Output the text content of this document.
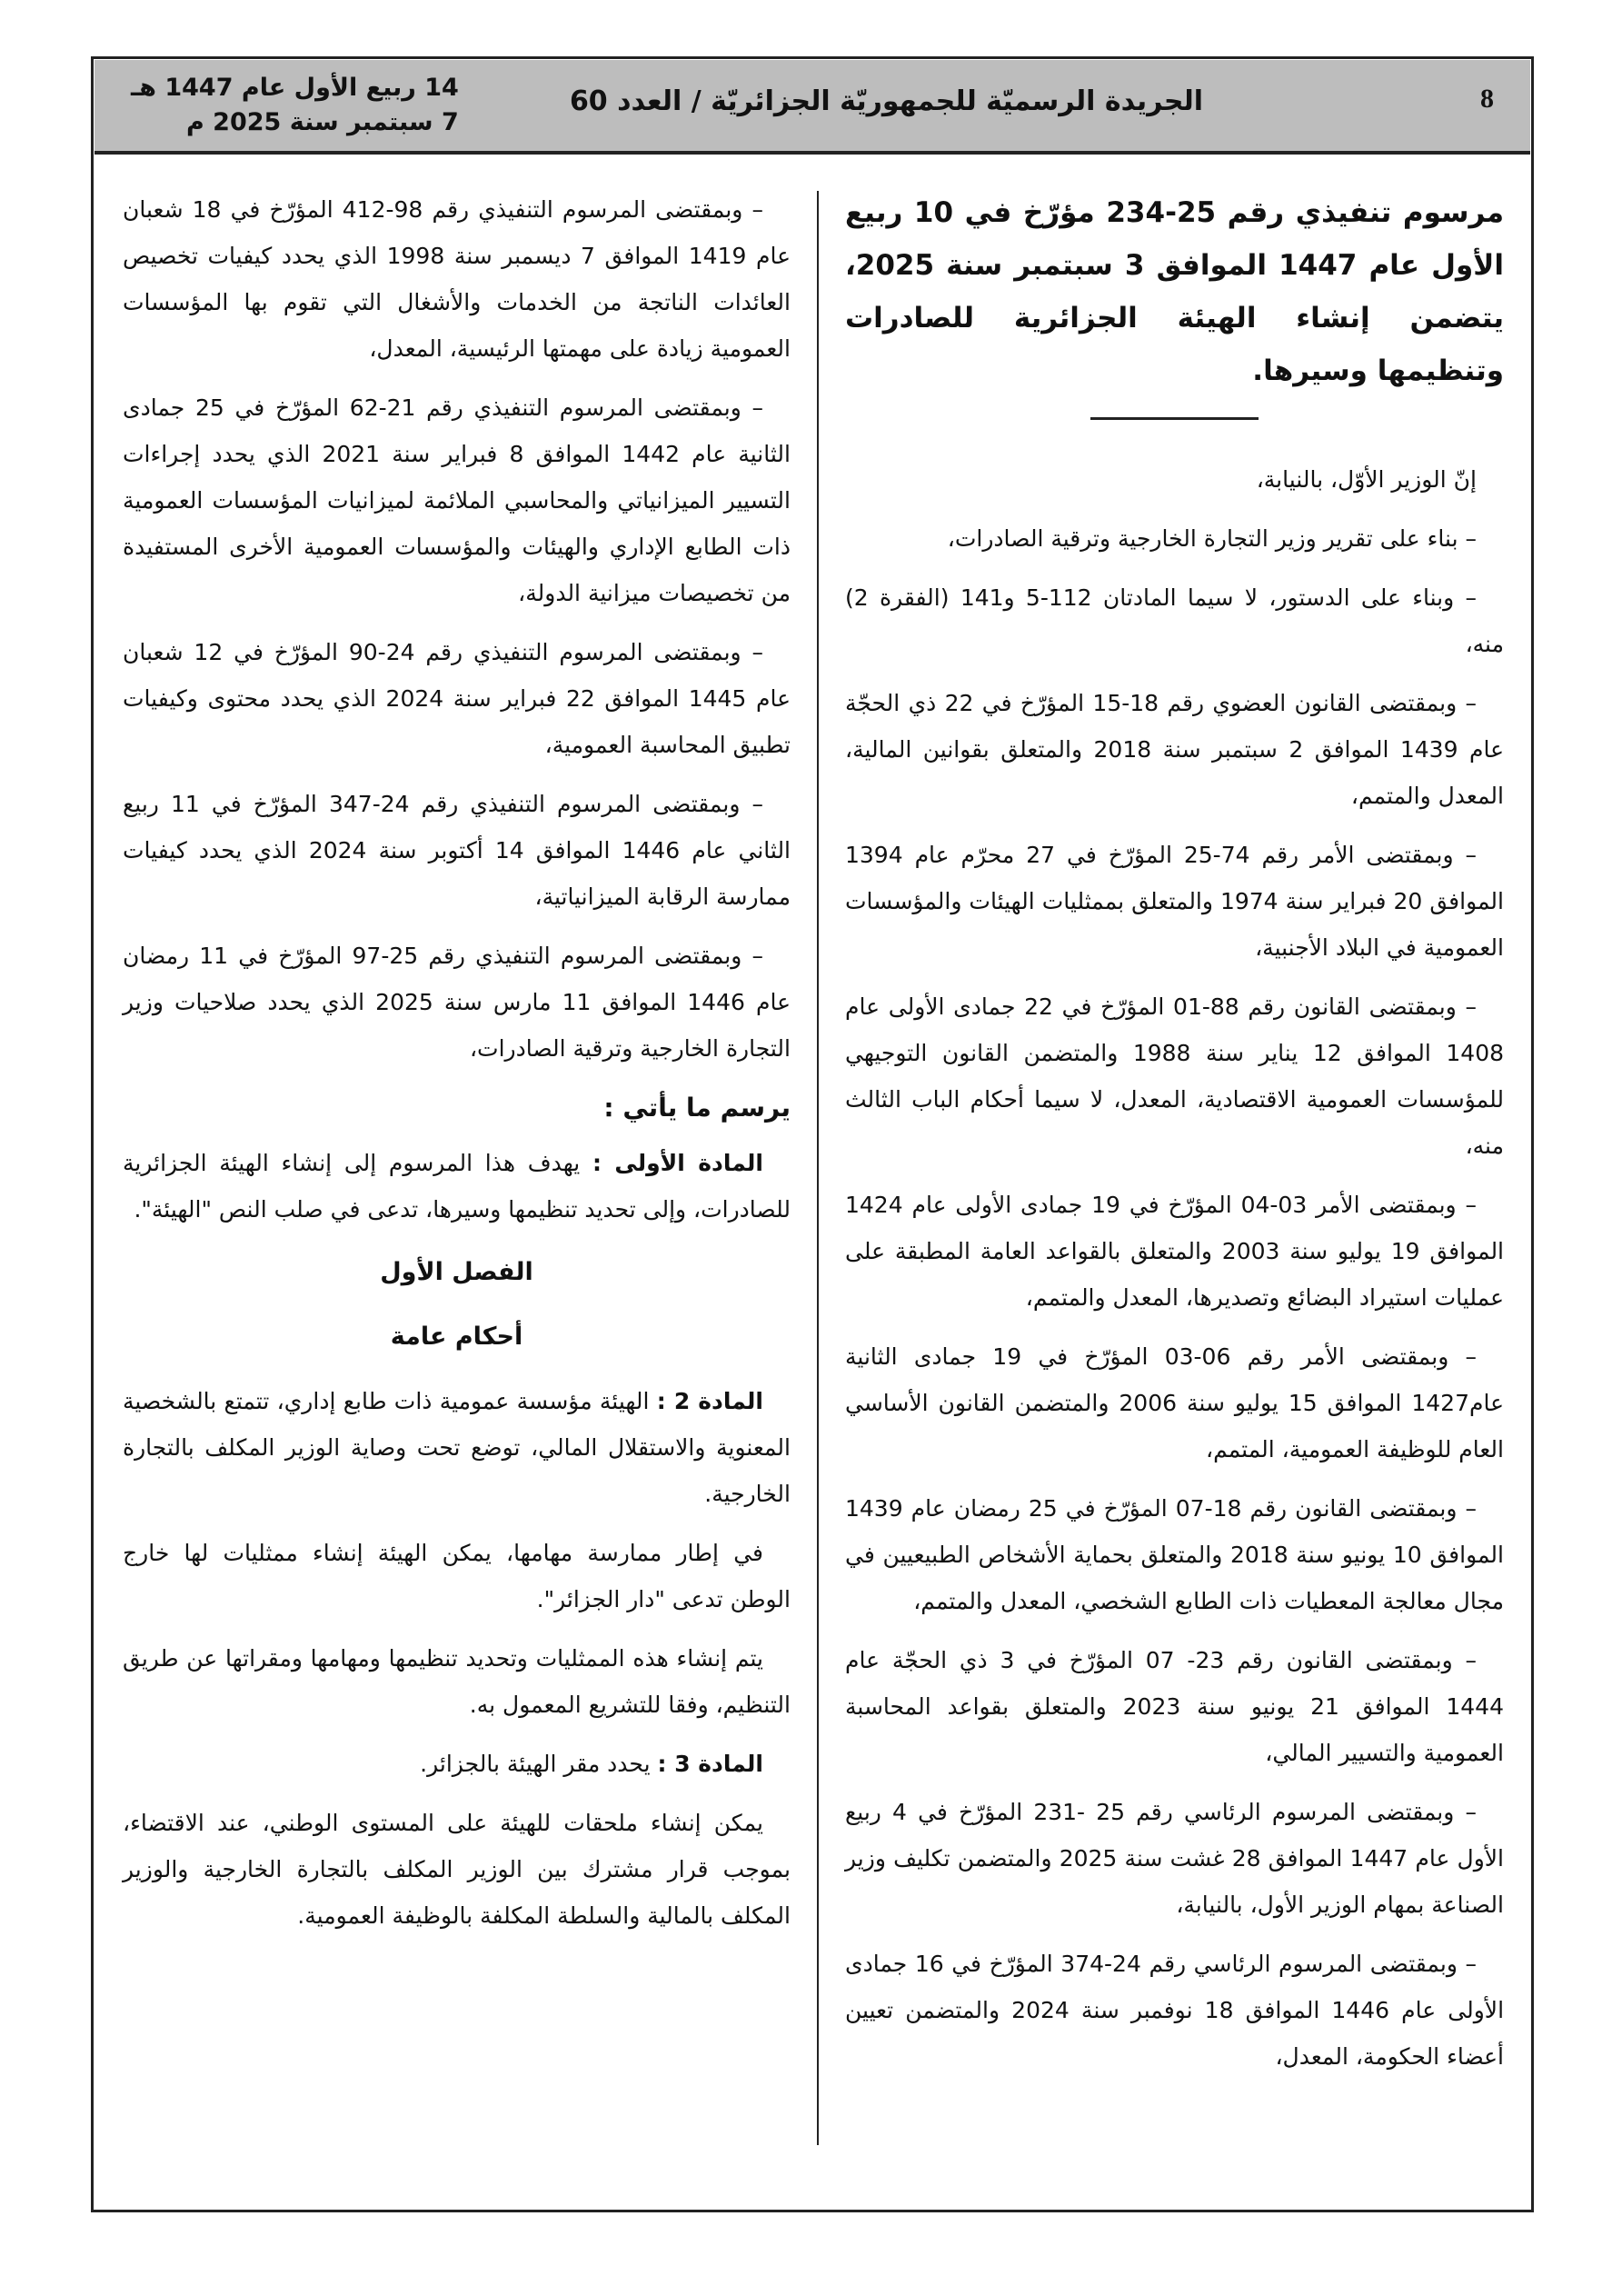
8
الجريدة الرسميّة للجمهوريّة الجزائريّة / العدد 60
14 ربيع الأول عام 1447 هـ
7 سبتمبر سنة 2025 م
مرسوم تنفيذي رقم 25-234 مؤرّخ في 10 ربيع الأول عام 1447 الموافق 3 سبتمبر سنة 2025، يتضمن إنشاء الهيئة الجزائرية للصادرات وتنظيمها وسيرها.

إنّ الوزير الأوّل، بالنيابة،

– بناء على تقرير وزير التجارة الخارجية وترقية الصادرات،

– وبناء على الدستور، لا سيما المادتان 112-5 و141 (الفقرة 2) منه،

– وبمقتضى القانون العضوي رقم 18-15 المؤرّخ في 22 ذي الحجّة عام 1439 الموافق 2 سبتمبر سنة 2018 والمتعلق بقوانين المالية، المعدل والمتمم،

– وبمقتضى الأمر رقم 74-25 المؤرّخ في 27 محرّم عام 1394 الموافق 20 فبراير سنة 1974 والمتعلق بممثليات الهيئات والمؤسسات العمومية في البلاد الأجنبية،

– وبمقتضى القانون رقم 88-01 المؤرّخ في 22 جمادى الأولى عام 1408 الموافق 12 يناير سنة 1988 والمتضمن القانون التوجيهي للمؤسسات العمومية الاقتصادية، المعدل، لا سيما أحكام الباب الثالث منه،

– وبمقتضى الأمر 03-04 المؤرّخ في 19 جمادى الأولى عام 1424 الموافق 19 يوليو سنة 2003 والمتعلق بالقواعد العامة المطبقة على عمليات استيراد البضائع وتصديرها، المعدل والمتمم،

– وبمقتضى الأمر رقم 06-03 المؤرّخ في 19 جمادى الثانية عام1427 الموافق 15 يوليو سنة 2006 والمتضمن القانون الأساسي العام للوظيفة العمومية، المتمم،

– وبمقتضى القانون رقم 18-07 المؤرّخ في 25 رمضان عام 1439 الموافق 10 يونيو سنة 2018 والمتعلق بحماية الأشخاص الطبيعيين في مجال معالجة المعطيات ذات الطابع الشخصي، المعدل والمتمم،

– وبمقتضى القانون رقم 23- 07 المؤرّخ في 3 ذي الحجّة عام 1444 الموافق 21 يونيو سنة 2023 والمتعلق بقواعد المحاسبة العمومية والتسيير المالي،

– وبمقتضى المرسوم الرئاسي رقم 25 -231 المؤرّخ في 4 ربيع الأول عام 1447 الموافق 28 غشت سنة 2025 والمتضمن تكليف وزير الصناعة بمهام الوزير الأول، بالنيابة،

– وبمقتضى المرسوم الرئاسي رقم 24-374 المؤرّخ في 16 جمادى الأولى عام 1446 الموافق 18 نوفمبر سنة 2024 والمتضمن تعيين أعضاء الحكومة، المعدل،

– وبمقتضى المرسوم التنفيذي رقم 98-412 المؤرّخ في 18 شعبان عام 1419 الموافق 7 ديسمبر سنة 1998 الذي يحدد كيفيات تخصيص العائدات الناتجة من الخدمات والأشغال التي تقوم بها المؤسسات العمومية زيادة على مهمتها الرئيسية، المعدل،

– وبمقتضى المرسوم التنفيذي رقم 21-62 المؤرّخ في 25 جمادى الثانية عام 1442 الموافق 8 فبراير سنة 2021 الذي يحدد إجراءات التسيير الميزانياتي والمحاسبي الملائمة لميزانيات المؤسسات العمومية ذات الطابع الإداري والهيئات والمؤسسات العمومية الأخرى المستفيدة من تخصيصات ميزانية الدولة،

– وبمقتضى المرسوم التنفيذي رقم 24-90 المؤرّخ في 12 شعبان عام 1445 الموافق 22 فبراير سنة 2024 الذي يحدد محتوى وكيفيات تطبيق المحاسبة العمومية،

– وبمقتضى المرسوم التنفيذي رقم 24-347 المؤرّخ في 11 ربيع الثاني عام 1446 الموافق 14 أكتوبر سنة 2024 الذي يحدد كيفيات ممارسة الرقابة الميزانياتية،

– وبمقتضى المرسوم التنفيذي رقم 25-97 المؤرّخ في 11 رمضان عام 1446 الموافق 11 مارس سنة 2025 الذي يحدد صلاحيات وزير التجارة الخارجية وترقية الصادرات،

يرسم ما يأتي :

المادة الأولى : يهدف هذا المرسوم إلى إنشاء الهيئة الجزائرية للصادرات، وإلى تحديد تنظيمها وسيرها، تدعى في صلب النص "الهيئة".

الفصل الأول
أحكام عامة

المادة 2 : الهيئة مؤسسة عمومية ذات طابع إداري، تتمتع بالشخصية المعنوية والاستقلال المالي، توضع تحت وصاية الوزير المكلف بالتجارة الخارجية.

في إطار ممارسة مهامها، يمكن الهيئة إنشاء ممثليات لها خارج الوطن تدعى "دار الجزائر".

يتم إنشاء هذه الممثليات وتحديد تنظيمها ومهامها ومقراتها عن طريق التنظيم، وفقا للتشريع المعمول به.

المادة 3 : يحدد مقر الهيئة بالجزائر.

يمكن إنشاء ملحقات للهيئة على المستوى الوطني، عند الاقتضاء، بموجب قرار مشترك بين الوزير المكلف بالتجارة الخارجية والوزير المكلف بالمالية والسلطة المكلفة بالوظيفة العمومية.
